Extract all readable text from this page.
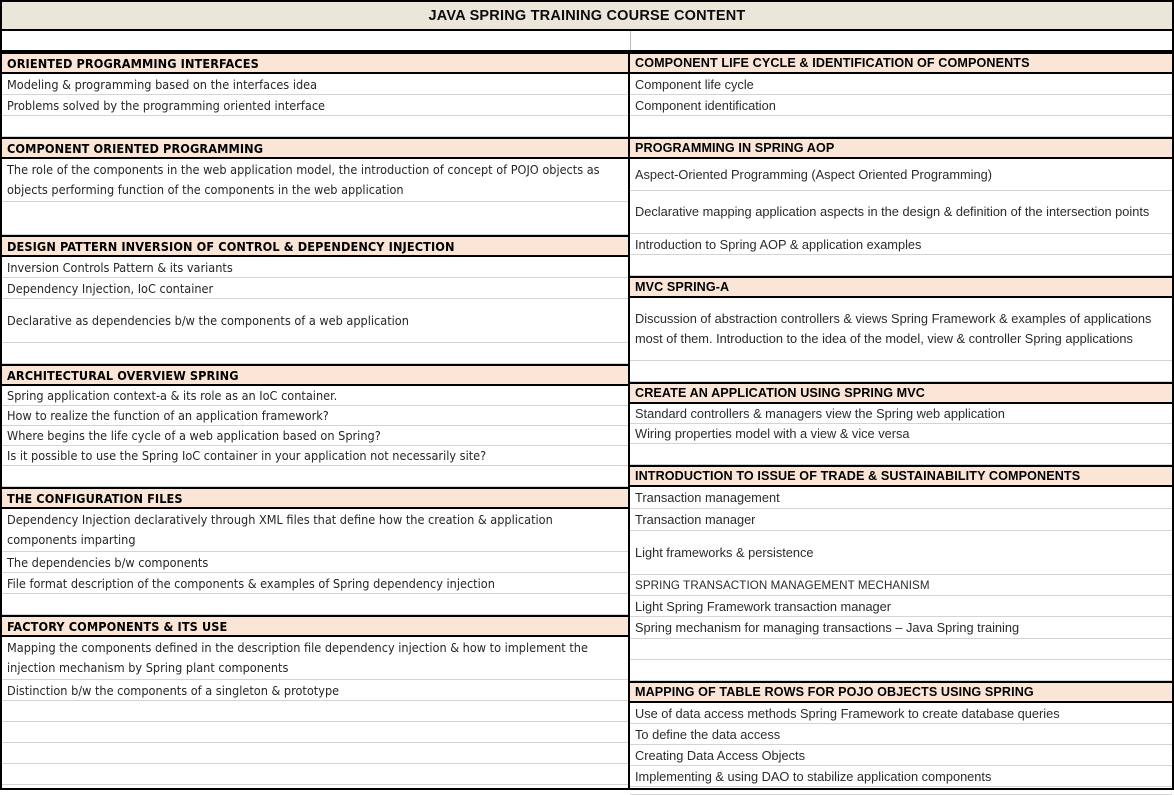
JAVA SPRING TRAINING COURSE CONTENT
ORIENTED PROGRAMMING INTERFACES
Modeling & programming based on the interfaces idea
Problems solved by the programming oriented interface
COMPONENT ORIENTED PROGRAMMING
The role of the components in the web application model, the introduction of concept of POJO objects as objects performing function of the components in the web application
DESIGN PATTERN INVERSION OF CONTROL & DEPENDENCY INJECTION
Inversion Controls Pattern & its variants
Dependency Injection, IoC container
Declarative as dependencies b/w the components of a web application
ARCHITECTURAL OVERVIEW SPRING
Spring application context-a & its role as an IoC container.
How to realize the function of an application framework?
Where begins the life cycle of a web application based on Spring?
Is it possible to use the Spring IoC container in your application not necessarily site?
THE CONFIGURATION FILES
Dependency Injection declaratively through XML files that define how the creation & application components imparting
The dependencies b/w components
File format description of the components & examples of Spring dependency injection
FACTORY COMPONENTS & ITS USE
Mapping the components defined in the description file dependency injection & how to implement the injection mechanism by Spring plant components
Distinction b/w the components of a singleton & prototype
COMPONENT LIFE CYCLE & IDENTIFICATION OF COMPONENTS
Component life cycle
Component identification
PROGRAMMING IN SPRING AOP
Aspect-Oriented Programming (Aspect Oriented Programming)
Declarative mapping application aspects in the design & definition of the intersection points
Introduction to Spring AOP & application examples
MVC SPRING-A
Discussion of abstraction controllers & views Spring Framework & examples of applications most of them. Introduction to the idea of the model, view & controller Spring applications
CREATE AN APPLICATION USING SPRING MVC
Standard controllers & managers view the Spring web application
Wiring properties model with a view & vice versa
INTRODUCTION TO ISSUE OF TRADE & SUSTAINABILITY COMPONENTS
Transaction management
Transaction manager
Light frameworks & persistence
SPRING TRANSACTION MANAGEMENT MECHANISM
Light Spring Framework transaction manager
Spring mechanism for managing transactions – Java Spring training
MAPPING OF TABLE ROWS FOR POJO OBJECTS USING SPRING
Use of data access methods Spring Framework to create database queries
To define the data access
Creating Data Access Objects
Implementing & using DAO to stabilize application components
